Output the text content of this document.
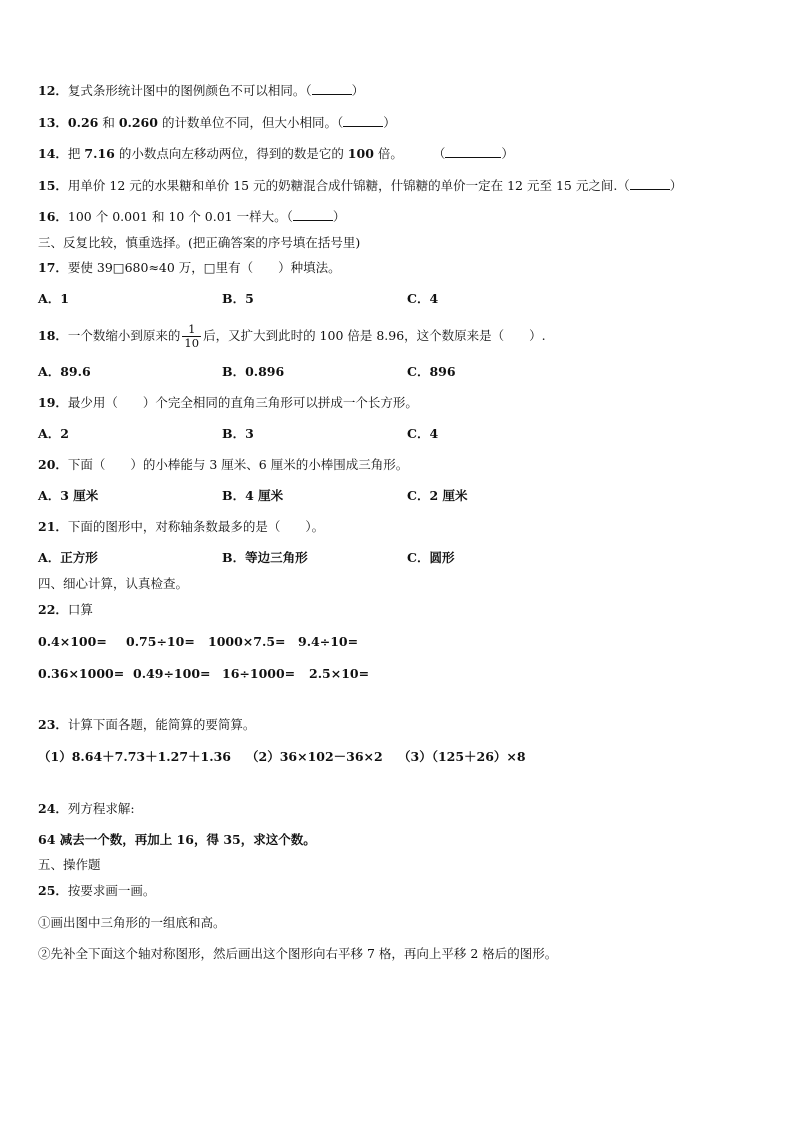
12．复式条形统计图中的图例颜色不可以相同。（	）
13．0.26 和 0.260 的计数单位不同，但大小相同。（	）
14．把 7.16 的小数点向左移动两位，得到的数是它的 100 倍。 （	）
15．用单价 12 元的水果糖和单价 15 元的奶糖混合成什锦糖，什锦糖的单价一定在 12 元至 15 元之间.（	）
16．100 个 0.001 和 10 个 0.01 一样大。（	）
三、反复比较，慎重选择。(把正确答案的序号填在括号里)
17．要使 39□680≈40 万，□里有（　　）种填法。
A．1	B．5	C．4
18．一个数缩小到原来的 $\frac{1}{10}$ 后，又扩大到此时的 100 倍是 8.96，这个数原来是（　　）.
A．89.6	B．0.896	C．896
19．最少用（　　）个完全相同的直角三角形可以拼成一个长方形。
A．2	B．3	C．4
20．下面（　　）的小棒能与 3 厘米、6 厘米的小棒围成三角形。
A．3 厘米	B．4 厘米	C．2 厘米
21．下面的图形中，对称轴条数最多的是（　　）。
A．正方形	B．等边三角形	C．圆形
四、细心计算，认真检查。
22．口算
0.4×100= 0.75÷10= 1000×7.5= 9.4÷10=
0.36×1000= 0.49÷100= 16÷1000= 2.5×10=
23．计算下面各题，能简算的要简算。
（1）8.64＋7.73＋1.27＋1.36 （2）36×102－36×2 （3）（125＋26）×8
24．列方程求解:
64 减去一个数，再加上 16，得 35，求这个数。
五、操作题
25．按要求画一画。
①画出图中三角形的一组底和高。
②先补全下面这个轴对称图形，然后画出这个图形向右平移 7 格，再向上平移 2 格后的图形。
